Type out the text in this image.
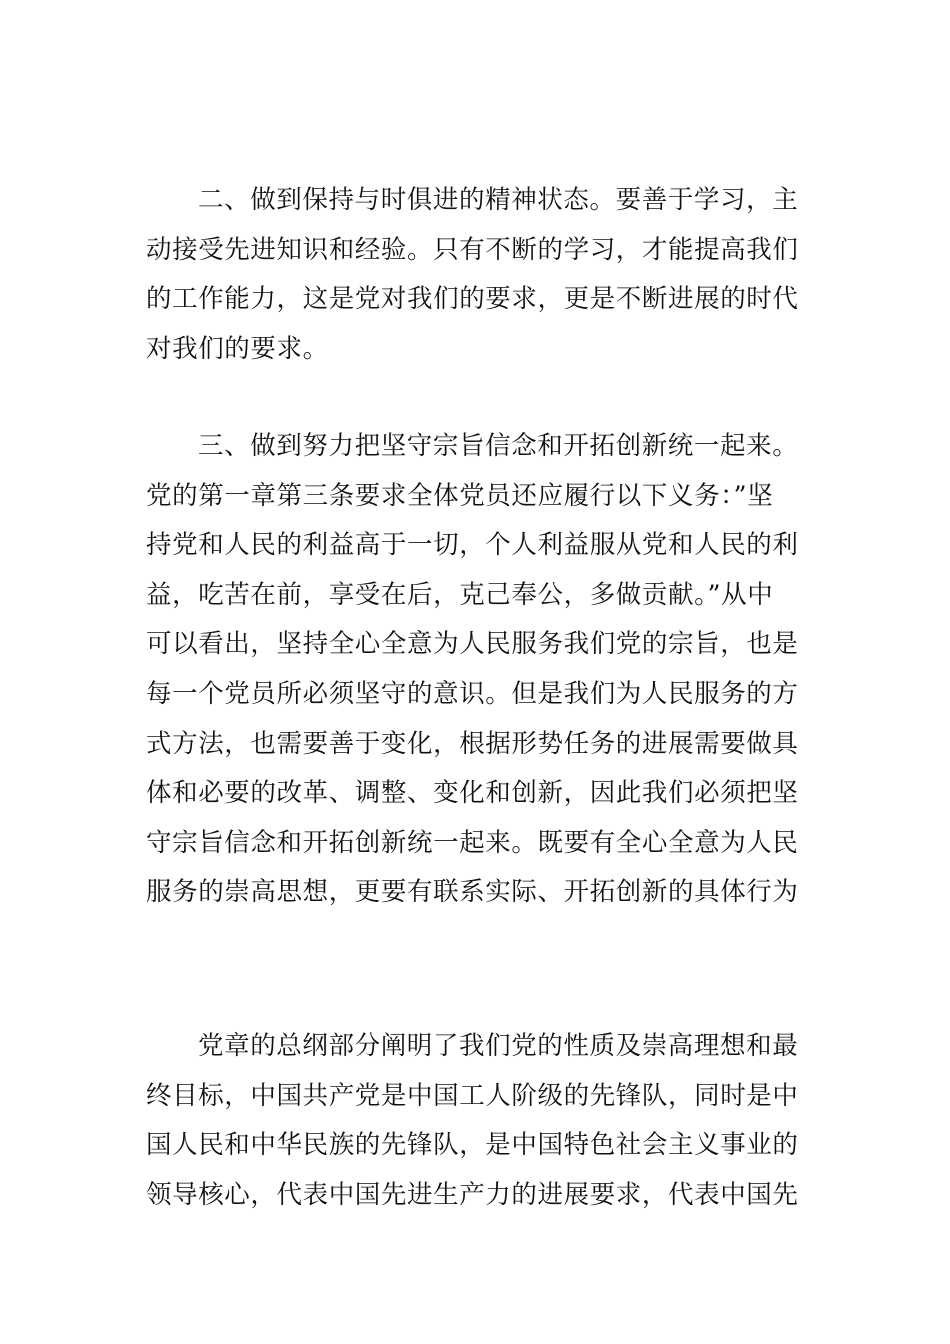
二、做到保持与时俱进的精神状态。要善于学习，主
动接受先进知识和经验。只有不断的学习，才能提高我们
的工作能力，这是党对我们的要求，更是不断进展的时代
对我们的要求。
三、做到努力把坚守宗旨信念和开拓创新统一起来。
党的第一章第三条要求全体党员还应履行以下义务：”坚
持党和人民的利益高于一切，个人利益服从党和人民的利
益，吃苦在前，享受在后，克己奉公，多做贡献。”从中
可以看出，坚持全心全意为人民服务我们党的宗旨，也是
每一个党员所必须坚守的意识。但是我们为人民服务的方
式方法，也需要善于变化，根据形势任务的进展需要做具
体和必要的改革、调整、变化和创新，因此我们必须把坚
守宗旨信念和开拓创新统一起来。既要有全心全意为人民
服务的崇高思想，更要有联系实际、开拓创新的具体行为
党章的总纲部分阐明了我们党的性质及崇高理想和最
终目标，中国共产党是中国工人阶级的先锋队，同时是中
国人民和中华民族的先锋队，是中国特色社会主义事业的
领导核心，代表中国先进生产力的进展要求，代表中国先
